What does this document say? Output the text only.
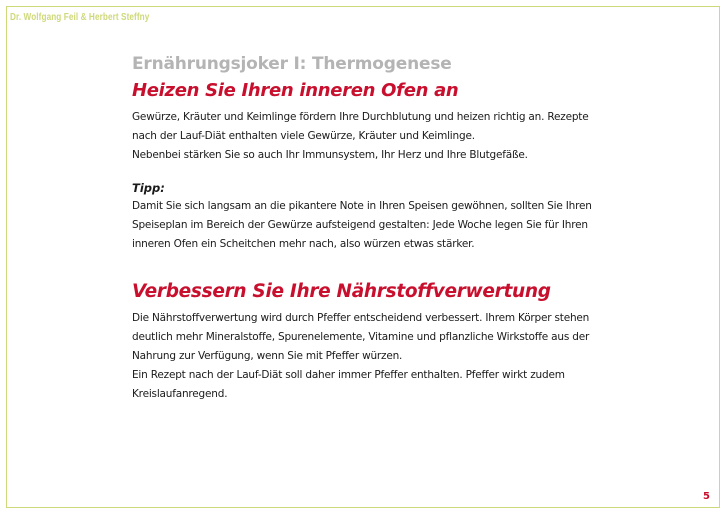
Dr. Wolfgang Feil & Herbert Steffny

Ernährungsjoker I: Thermogenese

Heizen Sie Ihren inneren Ofen an

Gewürze, Kräuter und Keimlinge fördern Ihre Durchblutung und heizen richtig an. Rezepte

nach der Lauf-Diät enthalten viele Gewürze, Kräuter und Keimlinge.

Nebenbei stärken Sie so auch Ihr Immunsystem, Ihr Herz und Ihre Blutgefäße.

Tipp:

Damit Sie sich langsam an die pikantere Note in Ihren Speisen gewöhnen, sollten Sie Ihren

Speiseplan im Bereich der Gewürze aufsteigend gestalten: Jede Woche legen Sie für Ihren

inneren Ofen ein Scheitchen mehr nach, also würzen etwas stärker.

Verbessern Sie Ihre Nährstoffverwertung

Die Nährstoffverwertung wird durch Pfeffer entscheidend verbessert. Ihrem Körper stehen

deutlich mehr Mineralstoffe, Spurenelemente, Vitamine und pflanzliche Wirkstoffe aus der

Nahrung zur Verfügung, wenn Sie mit Pfeffer würzen.

Ein Rezept nach der Lauf-Diät soll daher immer Pfeffer enthalten. Pfeffer wirkt zudem

Kreislaufanregend.

5
